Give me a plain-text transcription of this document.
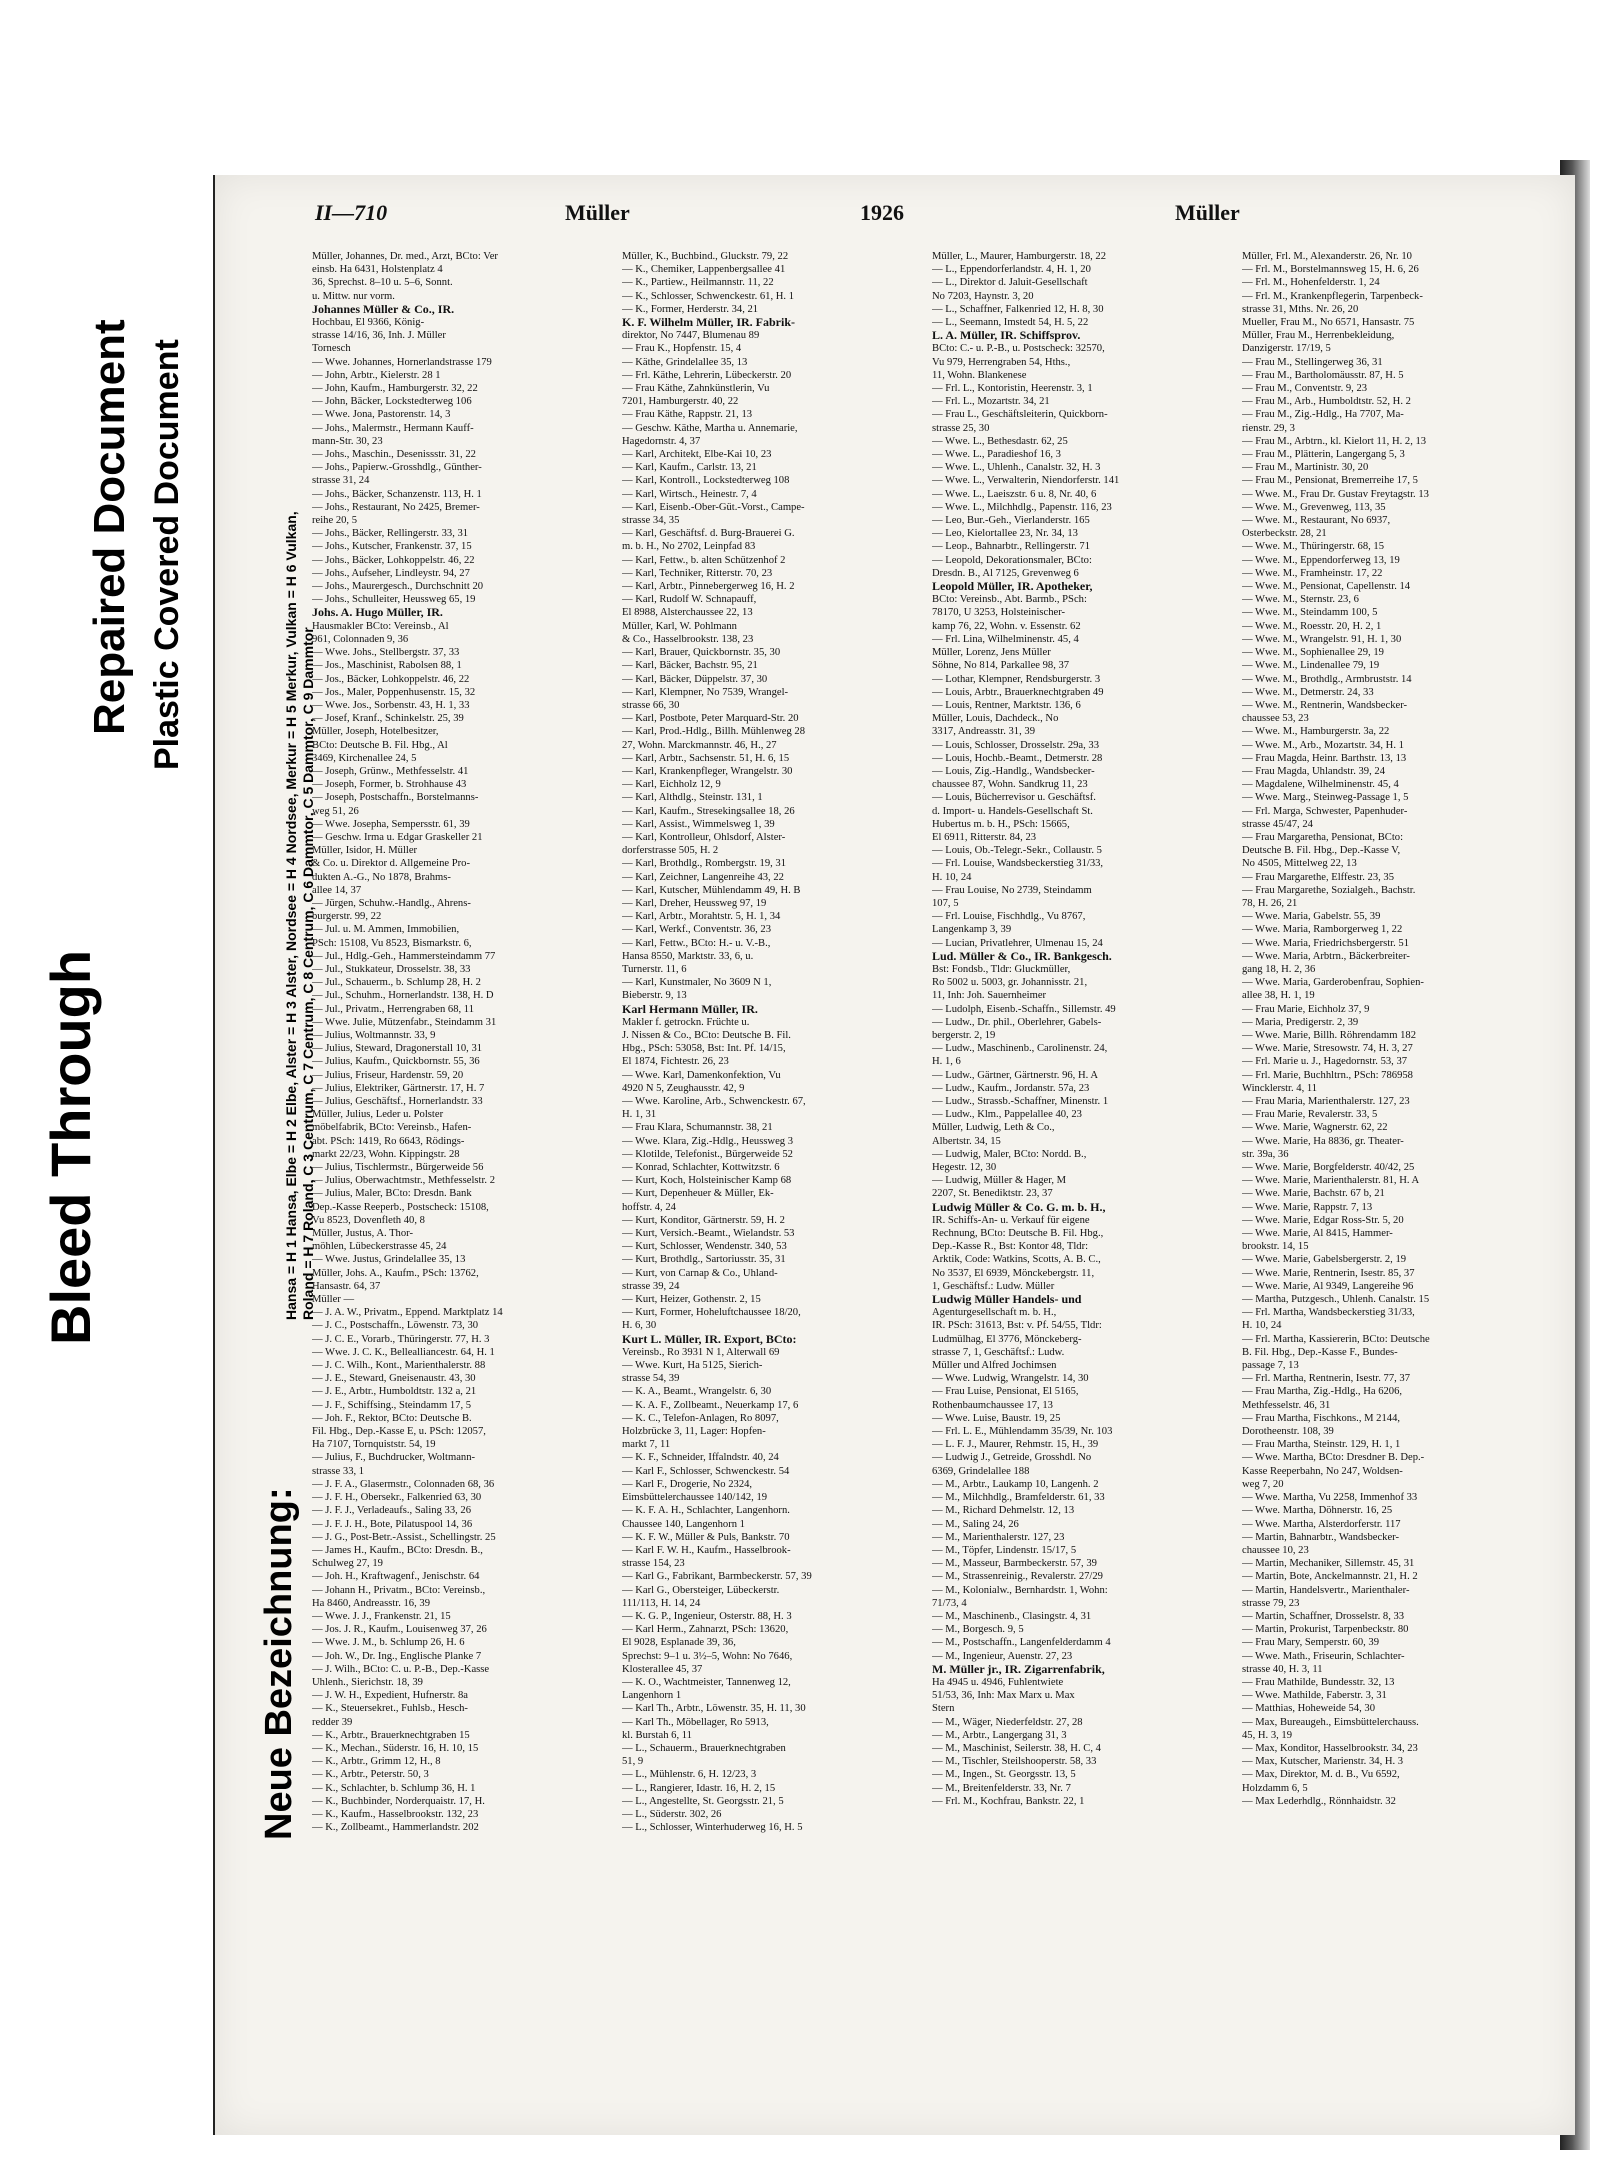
Bleed Through
Repaired Document Plastic Covered Document
Neue Bezeichnung:
Hansa = H 1 Hansa, Elbe = H 2 Elbe, Alster = H 3 Alster, Nordsee = H 4 Nordsee, Merkur = H 5 Merkur, Vulkan = H 6 Vulkan, Roland = H 7 Roland, C 3 Centrum, C 7 Centrum, C 8 Centrum, C 6 Dammtor, C 5 Dammtor, C 9 Dammtor
II—710	Müller	1926	Müller
Müller, Johannes, Dr. med., Arzt, BCto: Ver
einsb. Ha 6431, Holstenplatz 4
36, Sprechst. 8–10 u. 5–6, Sonnt.
u. Mittw. nur vorm.
Johannes Müller & Co., IR.
Hochbau, El 9366, König-
strasse 14/16, 36, Inh. J. Müller
Tornesch
— Wwe. Johannes, Hornerlandstrasse 179
— John, Arbtr., Kielerstr. 28 1
— John, Kaufm., Hamburgerstr. 32, 22
— John, Bäcker, Lockstedterweg 106
— Wwe. Jona, Pastorenstr. 14, 3
— Johs., Malermstr., Hermann Kauff-
mann-Str. 30, 23
— Johs., Maschin., Desenissstr. 31, 22
— Johs., Papierw.-Grosshdlg., Günther-
strasse 31, 24
— Johs., Bäcker, Schanzenstr. 113, H. 1
— Johs., Restaurant, No 2425, Bremer-
reihe 20, 5
— Johs., Bäcker, Rellingerstr. 33, 31
— Johs., Kutscher, Frankenstr. 37, 15
— Johs., Bäcker, Lohkoppelstr. 46, 22
— Johs., Aufseher, Lindleystr. 94, 27
— Johs., Maurergesch., Durchschnitt 20
— Johs., Schulleiter, Heussweg 65, 19
Johs. A. Hugo Müller, IR.
Hausmakler BCto: Vereinsb., Al
961, Colonnaden 9, 36
— Wwe. Johs., Stellbergstr. 37, 33
— Jos., Maschinist, Rabolsen 88, 1
— Jos., Bäcker, Lohkoppelstr. 46, 22
— Jos., Maler, Poppenhusenstr. 15, 32
— Wwe. Jos., Sorbenstr. 43, H. 1, 33
— Josef, Kranf., Schinkelstr. 25, 39
Müller, Joseph, Hotelbesitzer,
BCto: Deutsche B. Fil. Hbg., Al
3469, Kirchenallee 24, 5
— Joseph, Grünw., Methfesselstr. 41
— Joseph, Former, b. Strohhause 43
— Joseph, Postschaffn., Borstelmanns-
weg 51, 26
— Wwe. Josepha, Sempersstr. 61, 39
— Geschw. Irma u. Edgar Graskeller 21
Müller, Isidor, H. Müller
& Co. u. Direktor d. Allgemeine Pro-
dukten A.-G., No 1878, Brahms-
allee 14, 37
— Jürgen, Schuhw.-Handlg., Ahrens-
burgerstr. 99, 22
— Jul. u. M. Ammen, Immobilien,
PSch: 15108, Vu 8523, Bismarkstr. 6,
— Jul., Hdlg.-Geh., Hammersteindamm 77
— Jul., Stukkateur, Drosselstr. 38, 33
— Jul., Schauerm., b. Schlump 28, H. 2
— Jul., Schuhm., Hornerlandstr. 138, H. D
— Jul., Privatm., Herrengraben 68, 11
— Wwe. Julie, Mützenfabr., Steindamm 31
— Julius, Woltmannstr. 33, 9
— Julius, Steward, Dragonerstall 10, 31
— Julius, Kaufm., Quickbornstr. 55, 36
— Julius, Friseur, Hardenstr. 59, 20
— Julius, Elektriker, Gärtnerstr. 17, H. 7
— Julius, Geschäftsf., Hornerlandstr. 33
Müller, Julius, Leder u. Polster
möbelfabrik, BCto: Vereinsb., Hafen-
abt. PSch: 1419, Ro 6643, Rödings-
markt 22/23, Wohn. Kippingstr. 28
— Julius, Tischlermstr., Bürgerweide 56
— Julius, Oberwachtmstr., Methfesselstr. 2
— Julius, Maler, BCto: Dresdn. Bank
Dep.-Kasse Reeperb., Postscheck: 15108,
Vu 8523, Dovenfleth 40, 8
Müller, Justus, A. Thor-
möhlen, Lübeckerstrasse 45, 24
— Wwe. Justus, Grindelallee 35, 13
Müller, Johs. A., Kaufm., PSch: 13762,
Hansastr. 64, 37
Müller —
— J. A. W., Privatm., Eppend. Marktplatz 14
— J. C., Postschaffn., Löwenstr. 73, 30
— J. C. E., Vorarb., Thüringerstr. 77, H. 3
— Wwe. J. C. K., Bellealliancestr. 64, H. 1
— J. C. Wilh., Kont., Marienthalerstr. 88
— J. E., Steward, Gneisenaustr. 43, 30
— J. E., Arbtr., Humboldtstr. 132 a, 21
— J. F., Schiffsing., Steindamm 17, 5
— Joh. F., Rektor, BCto: Deutsche B.
Fil. Hbg., Dep.-Kasse E, u. PSch: 12057,
Ha 7107, Tornquiststr. 54, 19
— Julius, F., Buchdrucker, Woltmann-
strasse 33, 1
— J. F. A., Glasermstr., Colonnaden 68, 36
— J. F. H., Obersekr., Falkenried 63, 30
— J. F. J., Verladeaufs., Saling 33, 26
— J. F. J. H., Bote, Pilatuspool 14, 36
— J. G., Post-Betr.-Assist., Schellingstr. 25
— James H., Kaufm., BCto: Dresdn. B.,
Schulweg 27, 19
— Joh. H., Kraftwagenf., Jenischstr. 64
— Johann H., Privatm., BCto: Vereinsb.,
Ha 8460, Andreasstr. 16, 39
— Wwe. J. J., Frankenstr. 21, 15
— Jos. J. R., Kaufm., Louisenweg 37, 26
— Wwe. J. M., b. Schlump 26, H. 6
— Joh. W., Dr. Ing., Englische Planke 7
— J. Wilh., BCto: C. u. P.-B., Dep.-Kasse
Uhlenh., Sierichstr. 18, 39
— J. W. H., Expedient, Hufnerstr. 8a
— K., Steuersekret., Fuhlsb., Hesch-
redder 39
— K., Arbtr., Brauerknechtgraben 15
— K., Mechan., Süderstr. 16, H. 10, 15
— K., Arbtr., Grimm 12, H., 8
— K., Arbtr., Peterstr. 50, 3
— K., Schlachter, b. Schlump 36, H. 1
— K., Buchbinder, Norderquaistr. 17, H.
— K., Kaufm., Hasselbrookstr. 132, 23
— K., Zollbeamt., Hammerlandstr. 202
Müller, K., Buchbind., Gluckstr. 79, 22
— K., Chemiker, Lappenbergsallee 41
— K., Partiew., Heilmannstr. 11, 22
— K., Schlosser, Schwenckestr. 61, H. 1
— K., Former, Herderstr. 34, 21
K. F. Wilhelm Müller, IR. Fabrik-
direktor, No 7447, Blumenau 89
— Frau K., Hopfenstr. 15, 4
— Käthe, Grindelallee 35, 13
— Frl. Käthe, Lehrerin, Lübeckerstr. 20
— Frau Käthe, Zahnkünstlerin, Vu
7201, Hamburgerstr. 40, 22
— Frau Käthe, Rappstr. 21, 13
— Geschw. Käthe, Martha u. Annemarie,
Hagedornstr. 4, 37
— Karl, Architekt, Elbe-Kai 10, 23
— Karl, Kaufm., Carlstr. 13, 21
— Karl, Kontroll., Lockstedterweg 108
— Karl, Wirtsch., Heinestr. 7, 4
— Karl, Eisenb.-Ober-Güt.-Vorst., Campe-
strasse 34, 35
— Karl, Geschäftsf. d. Burg-Brauerei G.
m. b. H., No 2702, Leinpfad 83
— Karl, Fettw., b. alten Schützenhof 2
— Karl, Techniker, Ritterstr. 70, 23
— Karl, Arbtr., Pinnebergerweg 16, H. 2
— Karl, Rudolf W. Schnapauff,
El 8988, Alsterchaussee 22, 13
Müller, Karl, W. Pohlmann
& Co., Hasselbrookstr. 138, 23
— Karl, Brauer, Quickbornstr. 35, 30
— Karl, Bäcker, Bachstr. 95, 21
— Karl, Bäcker, Düppelstr. 37, 30
— Karl, Klempner, No 7539, Wrangel-
strasse 66, 30
— Karl, Postbote, Peter Marquard-Str. 20
— Karl, Prod.-Hdlg., Billh. Mühlenweg 28
27, Wohn. Marckmannstr. 46, H., 27
— Karl, Arbtr., Sachsenstr. 51, H. 6, 15
— Karl, Krankenpfleger, Wrangelstr. 30
— Karl, Eichholz 12, 9
— Karl, Althdlg., Steinstr. 131, 1
— Karl, Kaufm., Stresekingsallee 18, 26
— Karl, Assist., Wimmelsweg 1, 39
— Karl, Kontrolleur, Ohlsdorf, Alster-
dorferstrasse 505, H. 2
— Karl, Brothdlg., Rombergstr. 19, 31
— Karl, Zeichner, Langenreihe 43, 22
— Karl, Kutscher, Mühlendamm 49, H. B
— Karl, Dreher, Heussweg 97, 19
— Karl, Arbtr., Morahtstr. 5, H. 1, 34
— Karl, Werkf., Conventstr. 36, 23
— Karl, Fettw., BCto: H.- u. V.-B.,
Hansa 8550, Marktstr. 33, 6, u.
Turnerstr. 11, 6
— Karl, Kunstmaler, No 3609 N 1,
Bieberstr. 9, 13
Karl Hermann Müller, IR.
Makler f. getrockn. Früchte u.
J. Nissen & Co., BCto: Deutsche B. Fil.
Hbg., PSch: 53058, Bst: Int. Pf. 14/15,
El 1874, Fichtestr. 26, 23
— Wwe. Karl, Damenkonfektion, Vu
4920 N 5, Zeughausstr. 42, 9
— Wwe. Karoline, Arb., Schwenckestr. 67,
H. 1, 31
— Frau Klara, Schumannstr. 38, 21
— Wwe. Klara, Zig.-Hdlg., Heussweg 3
— Klotilde, Telefonist., Bürgerweide 52
— Konrad, Schlachter, Kottwitzstr. 6
— Kurt, Koch, Holsteinischer Kamp 68
— Kurt, Depenheuer & Müller, Ek-
hoffstr. 4, 24
— Kurt, Konditor, Gärtnerstr. 59, H. 2
— Kurt, Versich.-Beamt., Wielandstr. 53
— Kurt, Schlosser, Wendenstr. 340, 53
— Kurt, Brothdlg., Sartoriusstr. 35, 31
— Kurt, von Carnap & Co., Uhland-
strasse 39, 24
— Kurt, Heizer, Gothenstr. 2, 15
— Kurt, Former, Hoheluftchaussee 18/20,
H. 6, 30
Kurt L. Müller, IR. Export, BCto:
Vereinsb., Ro 3931 N 1, Alterwall 69
— Wwe. Kurt, Ha 5125, Sierich-
strasse 54, 39
— K. A., Beamt., Wrangelstr. 6, 30
— K. A. F., Zollbeamt., Neuerkamp 17, 6
— K. C., Telefon-Anlagen, Ro 8097,
Holzbrücke 3, 11, Lager: Hopfen-
markt 7, 11
— K. F., Schneider, Iffalndstr. 40, 24
— Karl F., Schlosser, Schwenckestr. 54
— Karl F., Drogerie, No 2324,
Eimsbüttelerchaussee 140/142, 19
— K. F. A. H., Schlachter, Langenhorn.
Chaussee 140, Langenhorn 1
— K. F. W., Müller & Puls, Bankstr. 70
— Karl F. W. H., Kaufm., Hasselbrook-
strasse 154, 23
— Karl G., Fabrikant, Barmbeckerstr. 57, 39
— Karl G., Obersteiger, Lübeckerstr.
111/113, H. 14, 24
— K. G. P., Ingenieur, Osterstr. 88, H. 3
— Karl Herm., Zahnarzt, PSch: 13620,
El 9028, Esplanade 39, 36,
Sprechst: 9–1 u. 3½–5, Wohn: No 7646,
Klosterallee 45, 37
— K. O., Wachtmeister, Tannenweg 12,
Langenhorn 1
— Karl Th., Arbtr., Löwenstr. 35, H. 11, 30
— Karl Th., Möbellager, Ro 5913,
kl. Burstah 6, 11
— L., Schauerm., Brauerknechtgraben
51, 9
— L., Mühlenstr. 6, H. 12/23, 3
— L., Rangierer, Idastr. 16, H. 2, 15
— L., Angestellte, St. Georgsstr. 21, 5
— L., Süderstr. 302, 26
— L., Schlosser, Winterhuderweg 16, H. 5
Müller, L., Maurer, Hamburgerstr. 18, 22
— L., Eppendorferlandstr. 4, H. 1, 20
— L., Direktor d. Jaluit-Gesellschaft
No 7203, Haynstr. 3, 20
— L., Schaffner, Falkenried 12, H. 8, 30
— L., Seemann, Imstedt 54, H. 5, 22
L. A. Müller, IR. Schiffsprov.
BCto: C.- u. P.-B., u. Postscheck: 32570,
Vu 979, Herrengraben 54, Hths.,
11, Wohn. Blankenese
— Frl. L., Kontoristin, Heerenstr. 3, 1
— Frl. L., Mozartstr. 34, 21
— Frau L., Geschäftsleiterin, Quickborn-
strasse 25, 30
— Wwe. L., Bethesdastr. 62, 25
— Wwe. L., Paradieshof 16, 3
— Wwe. L., Uhlenh., Canalstr. 32, H. 3
— Wwe. L., Verwalterin, Niendorferstr. 141
— Wwe. L., Laeiszstr. 6 u. 8, Nr. 40, 6
— Wwe. L., Milchhdlg., Papenstr. 116, 23
— Leo, Bur.-Geh., Vierlanderstr. 165
— Leo, Kielortallee 23, Nr. 34, 13
— Leop., Bahnarbtr., Rellingerstr. 71
— Leopold, Dekorationsmaler, BCto:
Dresdn. B., Al 7125, Grevenweg 6
Leopold Müller, IR. Apotheker,
BCto: Vereinsb., Abt. Barmb., PSch:
78170, U 3253, Holsteinischer-
kamp 76, 22, Wohn. v. Essenstr. 62
— Frl. Lina, Wilhelminenstr. 45, 4
Müller, Lorenz, Jens Müller
Söhne, No 814, Parkallee 98, 37
— Lothar, Klempner, Rendsburgerstr. 3
— Louis, Arbtr., Brauerknechtgraben 49
— Louis, Rentner, Marktstr. 136, 6
Müller, Louis, Dachdeck., No
3317, Andreasstr. 31, 39
— Louis, Schlosser, Drosselstr. 29a, 33
— Louis, Hochb.-Beamt., Detmerstr. 28
— Louis, Zig.-Handlg., Wandsbecker-
chaussee 87, Wohn. Sandkrug 11, 23
— Louis, Bücherrevisor u. Geschäftsf.
d. Import- u. Handels-Gesellschaft St.
Hubertus m. b. H., PSch: 15665,
El 6911, Ritterstr. 84, 23
— Louis, Ob.-Telegr.-Sekr., Collaustr. 5
— Frl. Louise, Wandsbeckerstieg 31/33,
H. 10, 24
— Frau Louise, No 2739, Steindamm
107, 5
— Frl. Louise, Fischhdlg., Vu 8767,
Langenkamp 3, 39
— Lucian, Privatlehrer, Ulmenau 15, 24
Lud. Müller & Co., IR. Bankgesch.
Bst: Fondsb., Tldr: Gluckmüller,
Ro 5002 u. 5003, gr. Johannisstr. 21,
11, Inh: Joh. Sauernheimer
— Ludolph, Eisenb.-Schaffn., Sillemstr. 49
— Ludw., Dr. phil., Oberlehrer, Gabels-
bergerstr. 2, 19
— Ludw., Maschinenb., Carolinenstr. 24,
H. 1, 6
— Ludw., Gärtner, Gärtnerstr. 96, H. A
— Ludw., Kaufm., Jordanstr. 57a, 23
— Ludw., Strassb.-Schaffner, Minenstr. 1
— Ludw., Klm., Pappelallee 40, 23
Müller, Ludwig, Leth & Co.,
Albertstr. 34, 15
— Ludwig, Maler, BCto: Nordd. B.,
Hegestr. 12, 30
— Ludwig, Müller & Hager, M
2207, St. Benediktstr. 23, 37
Ludwig Müller & Co. G. m. b. H.,
IR. Schiffs-An- u. Verkauf für eigene
Rechnung, BCto: Deutsche B. Fil. Hbg.,
Dep.-Kasse R., Bst: Kontor 48, Tldr:
Arktik, Code: Watkins, Scotts, A. B. C.,
No 3537, El 6939, Mönckebergstr. 11,
1, Geschäftsf.: Ludw. Müller
Ludwig Müller Handels- und
Agenturgesellschaft m. b. H.,
IR. PSch: 31613, Bst: v. Pf. 54/55, Tldr:
Ludmülhag, El 3776, Mönckeberg-
strasse 7, 1, Geschäftsf.: Ludw.
Müller und Alfred Jochimsen
— Wwe. Ludwig, Wrangelstr. 14, 30
— Frau Luise, Pensionat, El 5165,
Rothenbaumchaussee 17, 13
— Wwe. Luise, Baustr. 19, 25
— Frl. L. E., Mühlendamm 35/39, Nr. 103
— L. F. J., Maurer, Rehmstr. 15, H., 39
— Ludwig J., Getreide, Grosshdl. No
6369, Grindelallee 188
— M., Arbtr., Laukamp 10, Langenh. 2
— M., Milchhdlg., Bramfelderstr. 61, 33
— M., Richard Dehmelstr. 12, 13
— M., Saling 24, 26
— M., Marienthalerstr. 127, 23
— M., Töpfer, Lindenstr. 15/17, 5
— M., Masseur, Barmbeckerstr. 57, 39
— M., Strassenreinig., Revalerstr. 27/29
— M., Kolonialw., Bernhardstr. 1, Wohn:
71/73, 4
— M., Maschinenb., Clasingstr. 4, 31
— M., Borgesch. 9, 5
— M., Postschaffn., Langenfelderdamm 4
— M., Ingenieur, Auenstr. 27, 23
M. Müller jr., IR. Zigarrenfabrik,
Ha 4945 u. 4946, Fuhlentwiete
51/53, 36, Inh: Max Marx u. Max
Stern
— M., Wäger, Niederfeldstr. 27, 28
— M., Arbtr., Langergang 31, 3
— M., Maschinist, Seilerstr. 38, H. C, 4
— M., Tischler, Steilshooperstr. 58, 33
— M., Ingen., St. Georgsstr. 13, 5
— M., Breitenfelderstr. 33, Nr. 7
— Frl. M., Kochfrau, Bankstr. 22, 1
Müller, Frl. M., Alexanderstr. 26, Nr. 10
— Frl. M., Borstelmannsweg 15, H. 6, 26
— Frl. M., Hohenfelderstr. 1, 24
— Frl. M., Krankenpflegerin, Tarpenbeck-
strasse 31, Mths. Nr. 26, 20
Mueller, Frau M., No 6571, Hansastr. 75
Müller, Frau M., Herrenbekleidung,
Danzigerstr. 17/19, 5
— Frau M., Stellingerweg 36, 31
— Frau M., Bartholomäusstr. 87, H. 5
— Frau M., Conventstr. 9, 23
— Frau M., Arb., Humboldtstr. 52, H. 2
— Frau M., Zig.-Hdlg., Ha 7707, Ma-
rienstr. 29, 3
— Frau M., Arbtrn., kl. Kielort 11, H. 2, 13
— Frau M., Plätterin, Langergang 5, 3
— Frau M., Martinistr. 30, 20
— Frau M., Pensionat, Bremerreihe 17, 5
— Wwe. M., Frau Dr. Gustav Freytagstr. 13
— Wwe. M., Grevenweg, 113, 35
— Wwe. M., Restaurant, No 6937,
Osterbeckstr. 28, 21
— Wwe. M., Thüringerstr. 68, 15
— Wwe. M., Eppendorferweg 13, 19
— Wwe. M., Framheinstr. 17, 22
— Wwe. M., Pensionat, Capellenstr. 14
— Wwe. M., Sternstr. 23, 6
— Wwe. M., Steindamm 100, 5
— Wwe. M., Roesstr. 20, H. 2, 1
— Wwe. M., Wrangelstr. 91, H. 1, 30
— Wwe. M., Sophienallee 29, 19
— Wwe. M., Lindenallee 79, 19
— Wwe. M., Brothdlg., Armbruststr. 14
— Wwe. M., Detmerstr. 24, 33
— Wwe. M., Rentnerin, Wandsbecker-
chaussee 53, 23
— Wwe. M., Hamburgerstr. 3a, 22
— Wwe. M., Arb., Mozartstr. 34, H. 1
— Frau Magda, Heinr. Barthstr. 13, 13
— Frau Magda, Uhlandstr. 39, 24
— Magdalene, Wilhelminenstr. 45, 4
— Wwe. Marg., Steinweg-Passage 1, 5
— Frl. Marga, Schwester, Papenhuder-
strasse 45/47, 24
— Frau Margaretha, Pensionat, BCto:
Deutsche B. Fil. Hbg., Dep.-Kasse V,
No 4505, Mittelweg 22, 13
— Frau Margarethe, Elffestr. 23, 35
— Frau Margarethe, Sozialgeh., Bachstr.
78, H. 26, 21
— Wwe. Maria, Gabelstr. 55, 39
— Wwe. Maria, Ramborgerweg 1, 22
— Wwe. Maria, Friedrichsbergerstr. 51
— Wwe. Maria, Arbtrn., Bäckerbreiter-
gang 18, H. 2, 36
— Wwe. Maria, Garderobenfrau, Sophien-
allee 38, H. 1, 19
— Frau Marie, Eichholz 37, 9
— Maria, Predigerstr. 2, 39
— Wwe. Marie, Billh. Röhrendamm 182
— Wwe. Marie, Stresowstr. 74, H. 3, 27
— Frl. Marie u. J., Hagedornstr. 53, 37
— Frl. Marie, Buchhltrn., PSch: 786958
Wincklerstr. 4, 11
— Frau Maria, Marienthalerstr. 127, 23
— Frau Marie, Revalerstr. 33, 5
— Wwe. Marie, Wagnerstr. 62, 22
— Wwe. Marie, Ha 8836, gr. Theater-
str. 39a, 36
— Wwe. Marie, Borgfelderstr. 40/42, 25
— Wwe. Marie, Marienthalerstr. 81, H. A
— Wwe. Marie, Bachstr. 67 b, 21
— Wwe. Marie, Rappstr. 7, 13
— Wwe. Marie, Edgar Ross-Str. 5, 20
— Wwe. Marie, Al 8415, Hammer-
brookstr. 14, 15
— Wwe. Marie, Gabelsbergerstr. 2, 19
— Wwe. Marie, Rentnerin, Isestr. 85, 37
— Wwe. Marie, Al 9349, Langereihe 96
— Martha, Putzgesch., Uhlenh. Canalstr. 15
— Frl. Martha, Wandsbeckerstieg 31/33,
H. 10, 24
— Frl. Martha, Kassiererin, BCto: Deutsche
B. Fil. Hbg., Dep.-Kasse F., Bundes-
passage 7, 13
— Frl. Martha, Rentnerin, Isestr. 77, 37
— Frau Martha, Zig.-Hdlg., Ha 6206,
Methfesselstr. 46, 31
— Frau Martha, Fischkons., M 2144,
Dorotheenstr. 108, 39
— Frau Martha, Steinstr. 129, H. 1, 1
— Wwe. Martha, BCto: Dresdner B. Dep.-
Kasse Reeperbahn, No 247, Woldsen-
weg 7, 20
— Wwe. Martha, Vu 2258, Immenhof 33
— Wwe. Martha, Döhnerstr. 16, 25
— Wwe. Martha, Alsterdorferstr. 117
— Martin, Bahnarbtr., Wandsbecker-
chaussee 10, 23
— Martin, Mechaniker, Sillemstr. 45, 31
— Martin, Bote, Anckelmannstr. 21, H. 2
— Martin, Handelsvertr., Marienthaler-
strasse 79, 23
— Martin, Schaffner, Drosselstr. 8, 33
— Martin, Prokurist, Tarpenbeckstr. 80
— Frau Mary, Semperstr. 60, 39
— Wwe. Math., Friseurin, Schlachter-
strasse 40, H. 3, 11
— Frau Mathilde, Bundesstr. 32, 13
— Wwe. Mathilde, Faberstr. 3, 31
— Matthias, Hoheweide 54, 30
— Max, Bureaugeh., Eimsbüttelerchauss.
45, H. 3, 19
— Max, Konditor, Hasselbrookstr. 34, 23
— Max, Kutscher, Marienstr. 34, H. 3
— Max, Direktor, M. d. B., Vu 6592,
Holzdamm 6, 5
— Max Lederhdlg., Rönnhaidstr. 32
